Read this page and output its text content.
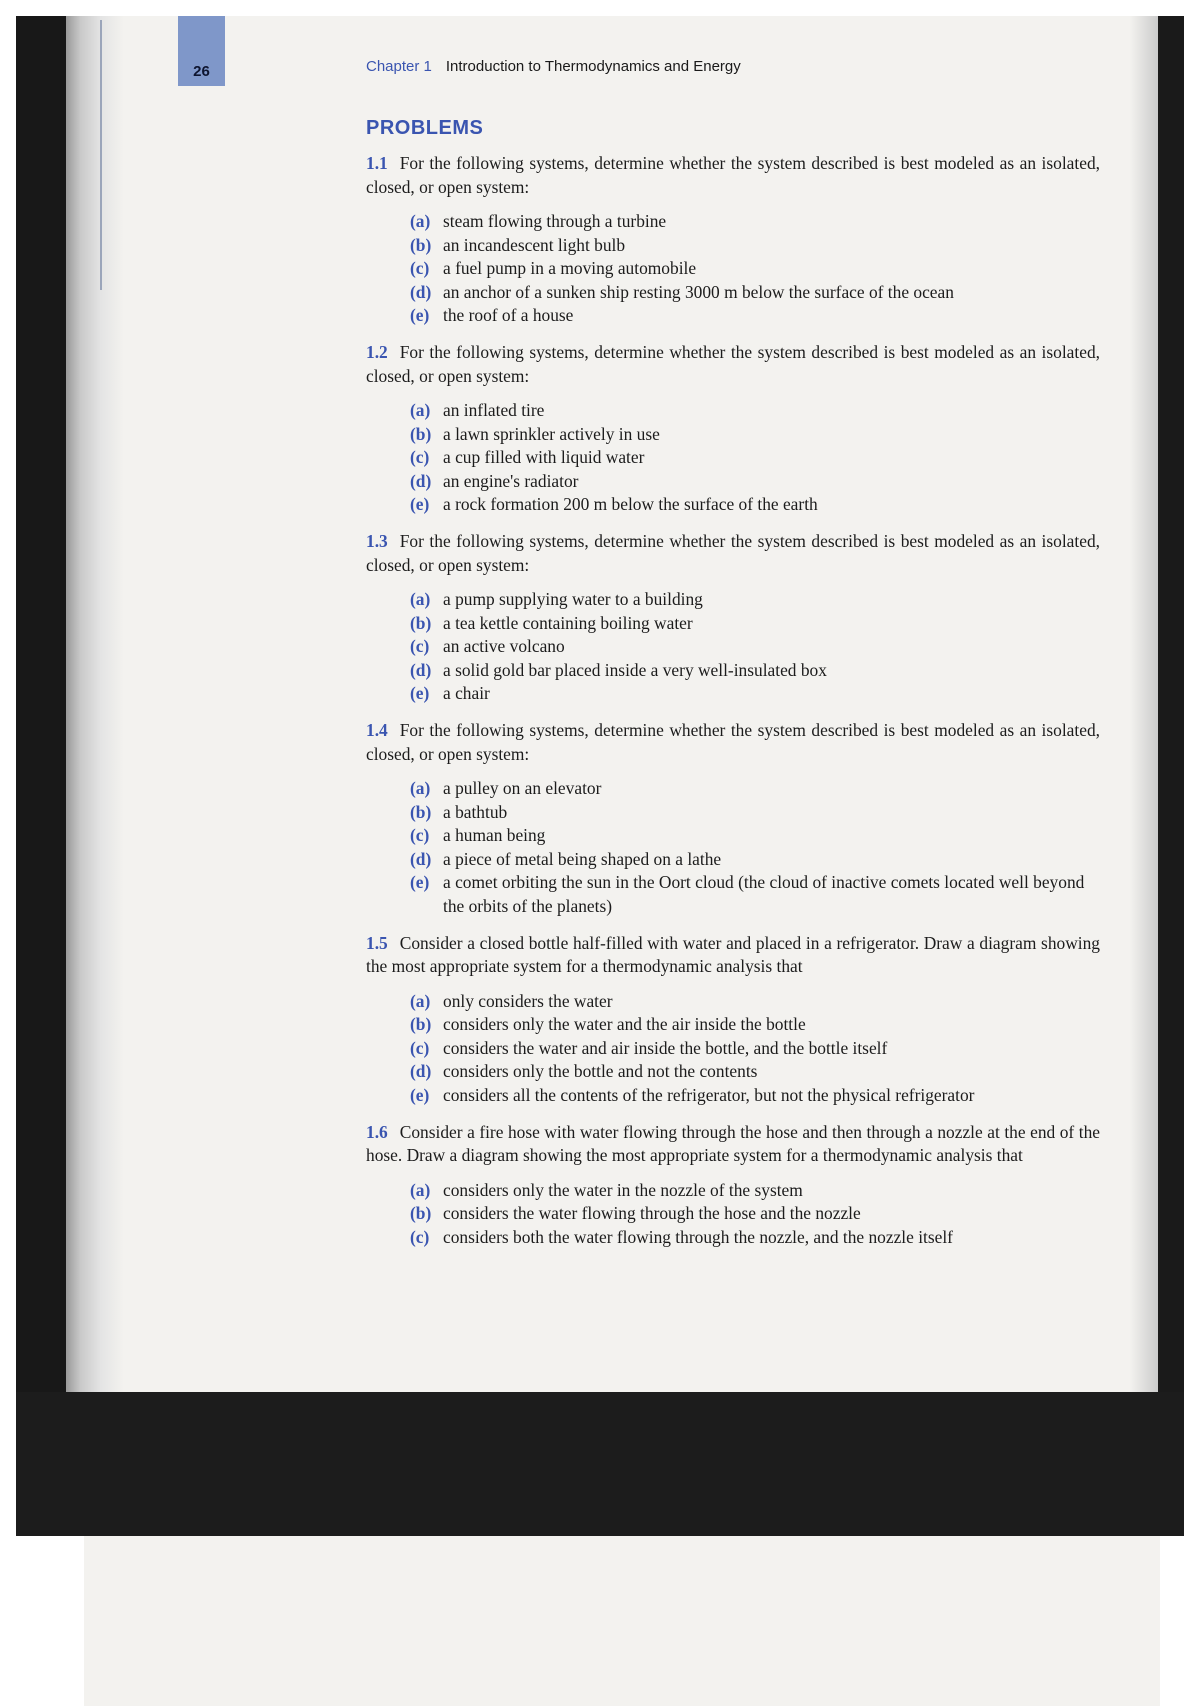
26	Chapter 1 Introduction to Thermodynamics and Energy
PROBLEMS

1.1 For the following systems, determine whether the system described is best modeled as an isolated, closed, or open system:

(a) steam flowing through a turbine
(b) an incandescent light bulb
(c) a fuel pump in a moving automobile
(d) an anchor of a sunken ship resting 3000 m below the surface of the ocean
(e) the roof of a house

1.2 For the following systems, determine whether the system described is best modeled as an isolated, closed, or open system:

(a) an inflated tire
(b) a lawn sprinkler actively in use
(c) a cup filled with liquid water
(d) an engine's radiator
(e) a rock formation 200 m below the surface of the earth

1.3 For the following systems, determine whether the system described is best modeled as an isolated, closed, or open system:

(a) a pump supplying water to a building
(b) a tea kettle containing boiling water
(c) an active volcano
(d) a solid gold bar placed inside a very well-insulated box
(e) a chair

1.4 For the following systems, determine whether the system described is best modeled as an isolated, closed, or open system:

(a) a pulley on an elevator
(b) a bathtub
(c) a human being
(d) a piece of metal being shaped on a lathe
(e) a comet orbiting the sun in the Oort cloud (the cloud of inactive comets located well beyond the orbits of the planets)

1.5 Consider a closed bottle half-filled with water and placed in a refrigerator. Draw a diagram showing the most appropriate system for a thermodynamic analysis that

(a) only considers the water
(b) considers only the water and the air inside the bottle
(c) considers the water and air inside the bottle, and the bottle itself
(d) considers only the bottle and not the contents
(e) considers all the contents of the refrigerator, but not the physical refrigerator

1.6 Consider a fire hose with water flowing through the hose and then through a nozzle at the end of the hose. Draw a diagram showing the most appropriate system for a thermodynamic analysis that

(a) considers only the water in the nozzle of the system
(b) considers the water flowing through the hose and the nozzle
(c) considers both the water flowing through the nozzle, and the nozzle itself
